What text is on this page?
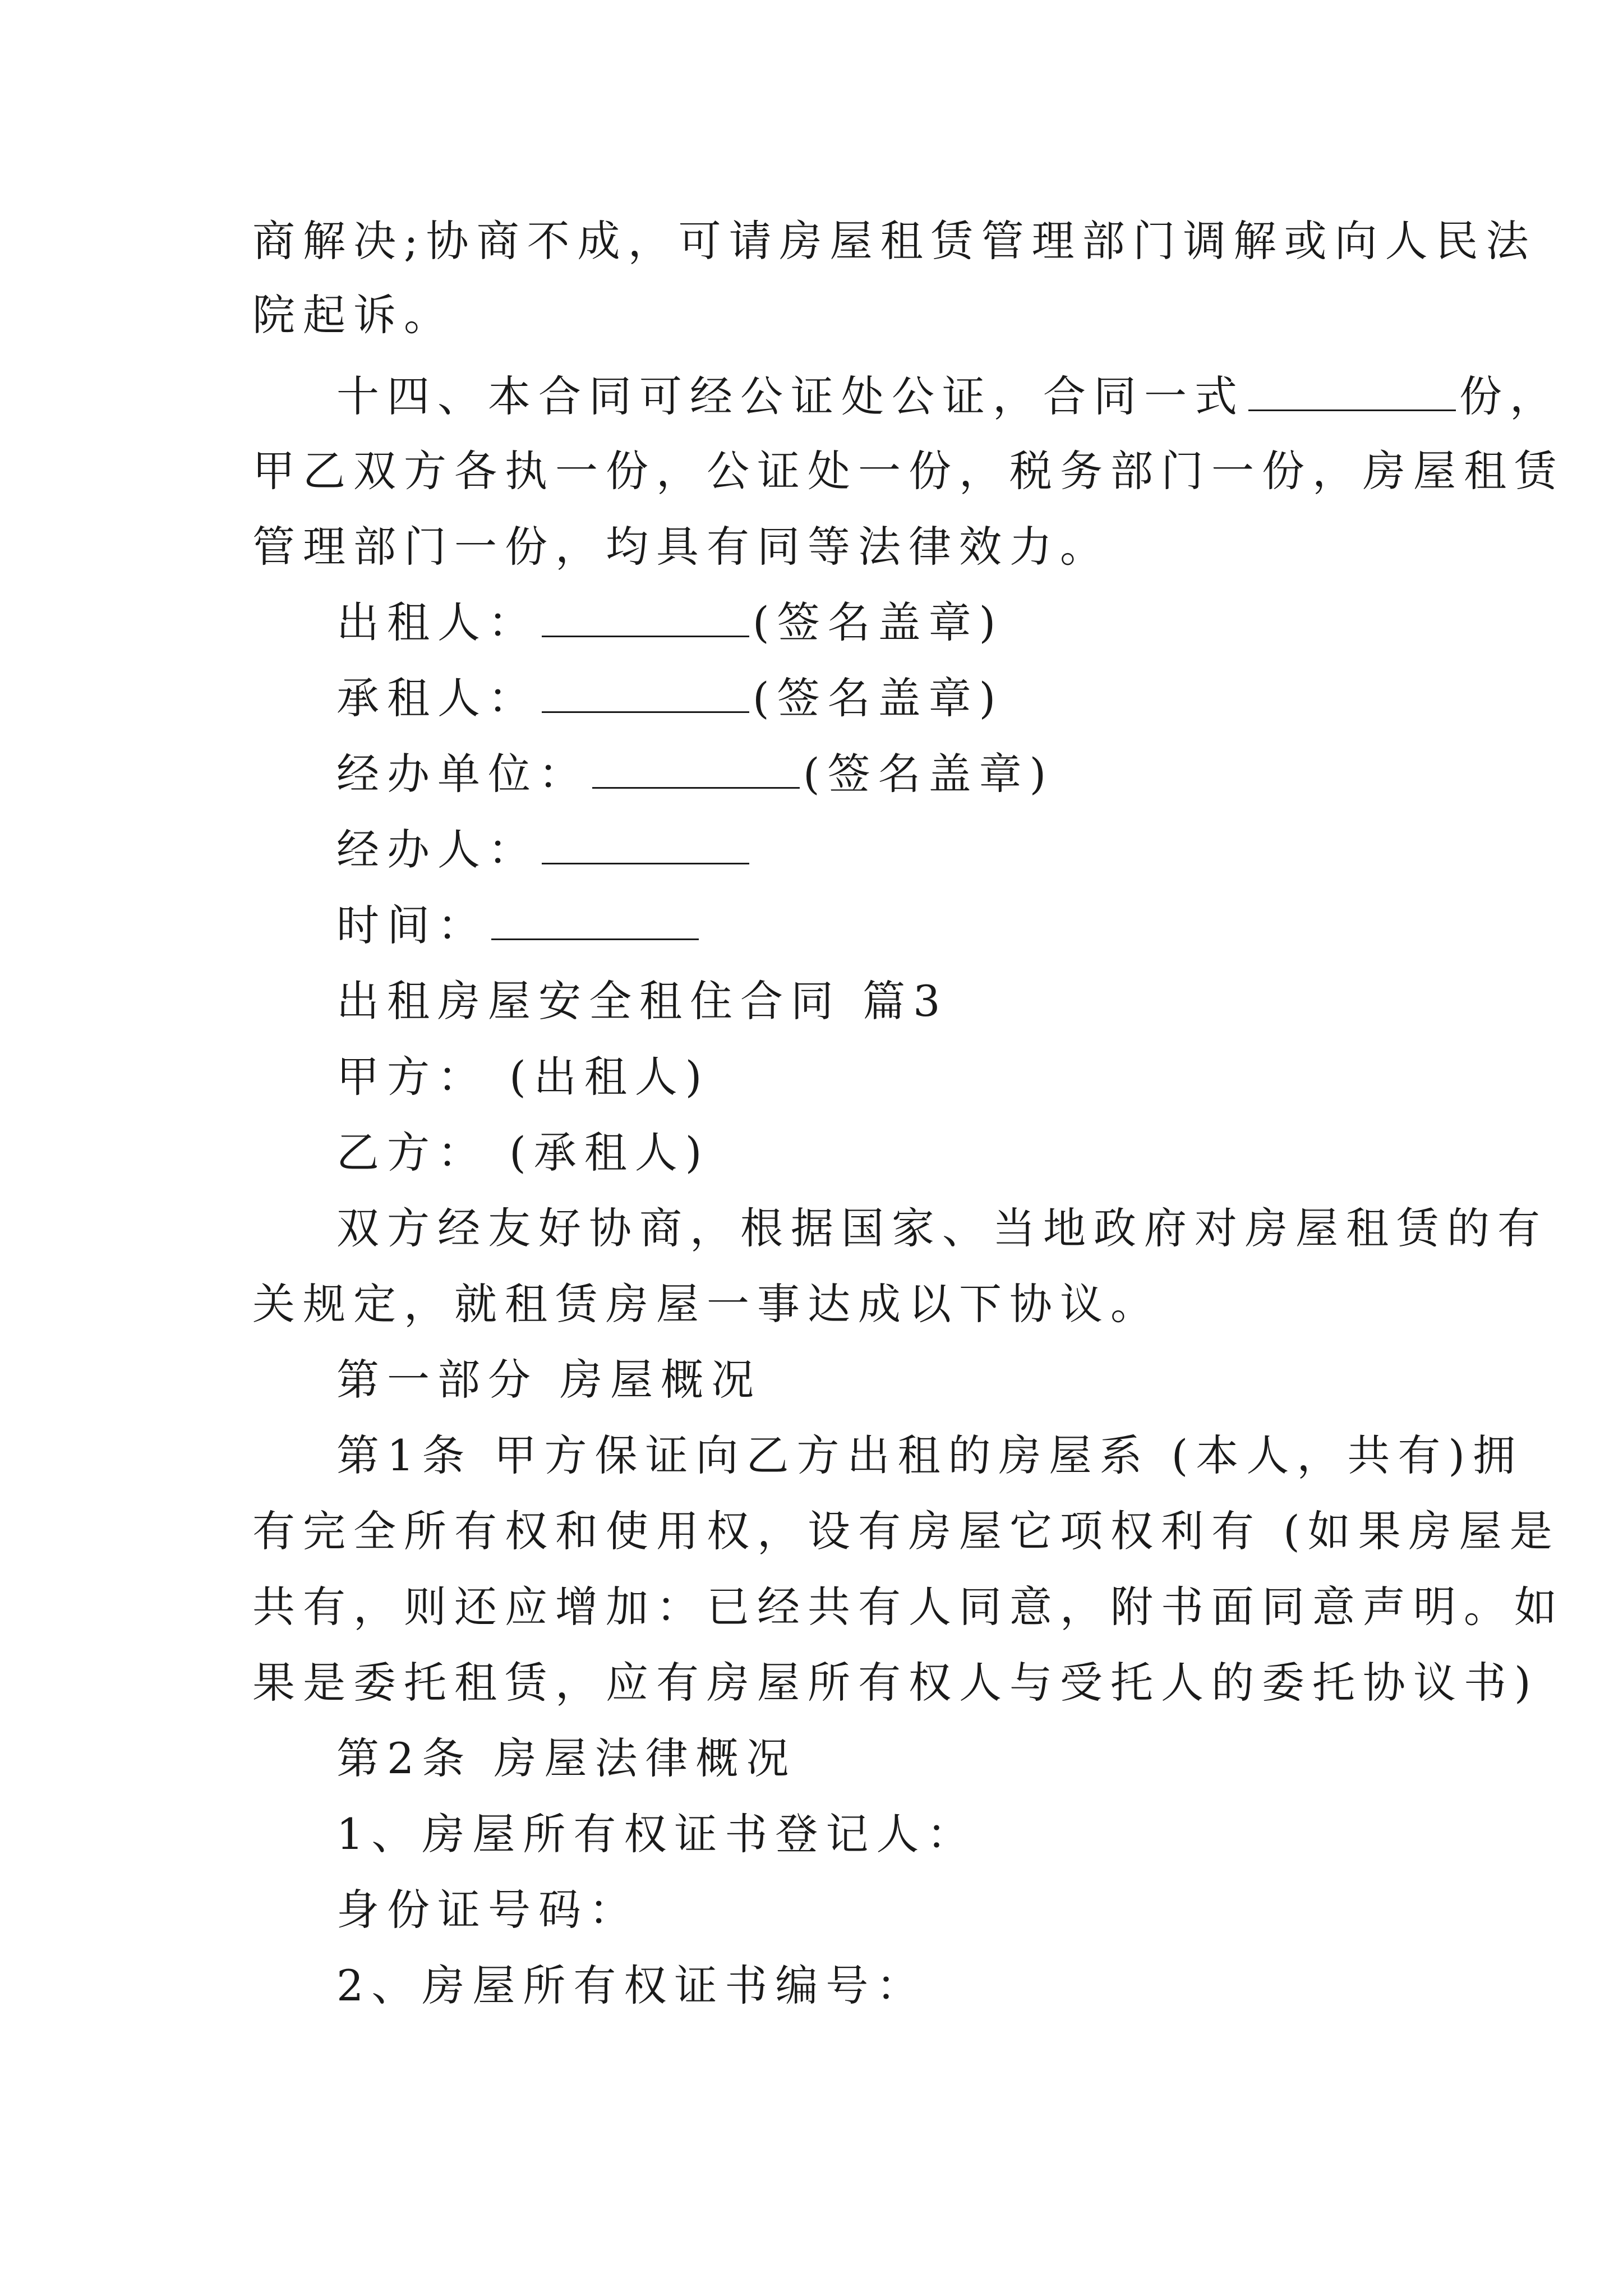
商解决;协商不成，可请房屋租赁管理部门调解或向人民法
院起诉。
十四、本合同可经公证处公证，合同一式	份，
甲乙双方各执一份，公证处一份，税务部门一份，房屋租赁
管理部门一份，均具有同等法律效力。
出租人：	(签名盖章)
承租人：	(签名盖章)
经办单位：	(签名盖章)
经办人：
时间：
出租房屋安全租住合同 篇3
甲方： (出租人)
乙方： (承租人)
双方经友好协商，根据国家、当地政府对房屋租赁的有
关规定，就租赁房屋一事达成以下协议。
第一部分 房屋概况
第1条 甲方保证向乙方出租的房屋系 (本人，共有)拥
有完全所有权和使用权，设有房屋它项权利有 (如果房屋是
共有，则还应增加：已经共有人同意，附书面同意声明。如
果是委托租赁，应有房屋所有权人与受托人的委托协议书)
第2条 房屋法律概况
1、房屋所有权证书登记人：
身份证号码：
2、房屋所有权证书编号：
